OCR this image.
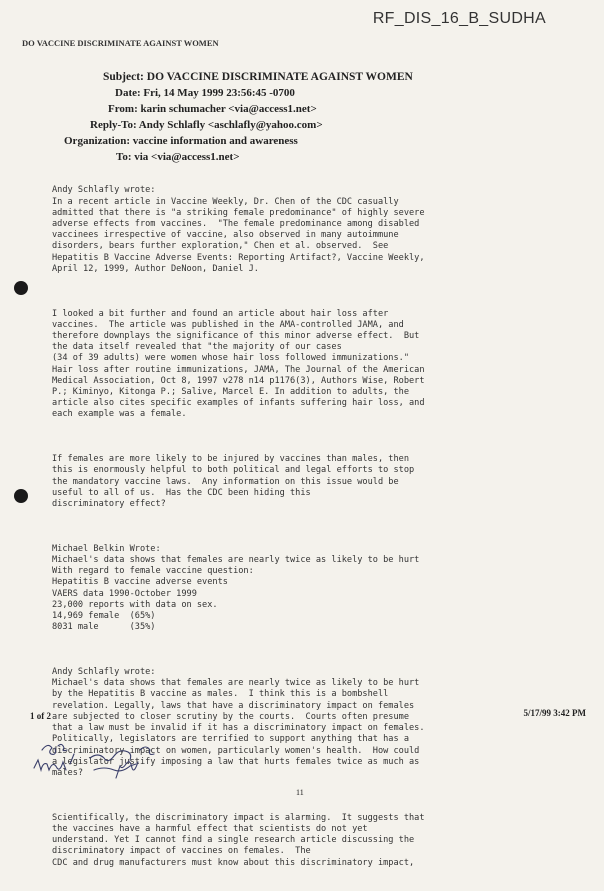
RF_DIS_16_B_SUDHA
DO VACCINE DISCRIMINATE AGAINST WOMEN
Subject: DO VACCINE DISCRIMINATE AGAINST WOMEN
Date: Fri, 14 May 1999 23:56:45 -0700
From: karin schumacher <via@access1.net>
Reply-To: Andy Schlafly <aschlafly@yahoo.com>
Organization: vaccine information and awareness
To: via <via@access1.net>

Andy Schlafly wrote:
In a recent article in Vaccine Weekly, Dr. Chen of the CDC casually
admitted that there is "a striking female predominance" of highly severe
adverse effects from vaccines.  "The female predominance among disabled
vaccinees irrespective of vaccine, also observed in many autoimmune
disorders, bears further exploration," Chen et al. observed.  See
Hepatitis B Vaccine Adverse Events: Reporting Artifact?, Vaccine Weekly,
April 12, 1999, Author DeNoon, Daniel J.

I looked a bit further and found an article about hair loss after
vaccines.  The article was published in the AMA-controlled JAMA, and
therefore downplays the significance of this minor adverse effect.  But
the data itself revealed that "the majority of our cases
(34 of 39 adults) were women whose hair loss followed immunizations."
Hair loss after routine immunizations, JAMA, The Journal of the American
Medical Association, Oct 8, 1997 v278 n14 p1176(3), Authors Wise, Robert
P.; Kiminyo, Kitonga P.; Salive, Marcel E. In addition to adults, the
article also cites specific examples of infants suffering hair loss, and
each example was a female.

If females are more likely to be injured by vaccines than males, then
this is enormously helpful to both political and legal efforts to stop
the mandatory vaccine laws.  Any information on this issue would be
useful to all of us.  Has the CDC been hiding this
discriminatory effect?

Michael Belkin Wrote:
Michael's data shows that females are nearly twice as likely to be hurt
With regard to female vaccine question:
Hepatitis B vaccine adverse events
VAERS data 1990-October 1999
23,000 reports with data on sex.
14,969 female  (65%)
8031 male      (35%)

Andy Schlafly wrote:
Michael's data shows that females are nearly twice as likely to be hurt
by the Hepatitis B vaccine as males.  I think this is a bombshell
revelation. Legally, laws that have a discriminatory impact on females
are subjected to closer scrutiny by the courts.  Courts often presume
that a law must be invalid if it has a discriminatory impact on females.
Politically, legislators are terrified to support anything that has a
discriminatory impact on women, particularly women's health.  How could
a legislator justify imposing a law that hurts females twice as much as
males?

Scientifically, the discriminatory impact is alarming.  It suggests that
the vaccines have a harmful effect that scientists do not yet
understand. Yet I cannot find a single research article discussing the
discriminatory impact of vaccines on females.  The
CDC and drug manufacturers must know about this discriminatory impact,

1 of 2	5/17/99 3:42 PM
11
